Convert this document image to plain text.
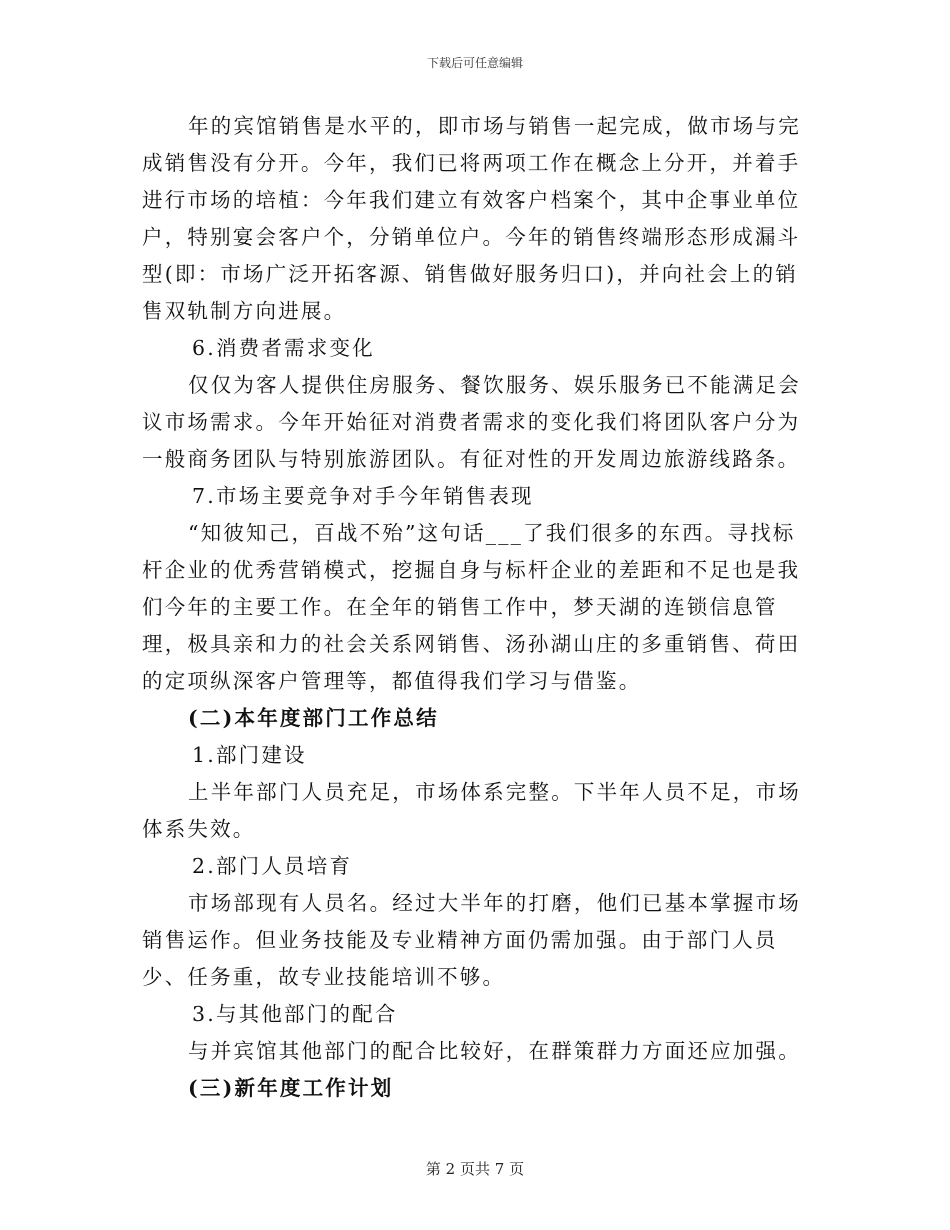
下载后可任意编辑

年的宾馆销售是水平的，即市场与销售一起完成，做市场与完成销售没有分开。今年，我们已将两项工作在概念上分开，并着手进行市场的培植：今年我们建立有效客户档案个，其中企事业单位户，特别宴会客户个，分销单位户。今年的销售终端形态形成漏斗型(即：市场广泛开拓客源、销售做好服务归口)，并向社会上的销售双轨制方向进展。

6.消费者需求变化

仅仅为客人提供住房服务、餐饮服务、娱乐服务已不能满足会议市场需求。今年开始征对消费者需求的变化我们将团队客户分为一般商务团队与特别旅游团队。有征对性的开发周边旅游线路条。

7.市场主要竞争对手今年销售表现

“知彼知己，百战不殆”这句话___了我们很多的东西。寻找标杆企业的优秀营销模式，挖掘自身与标杆企业的差距和不足也是我们今年的主要工作。在全年的销售工作中，梦天湖的连锁信息管理，极具亲和力的社会关系网销售、汤孙湖山庄的多重销售、荷田的定项纵深客户管理等，都值得我们学习与借鉴。

(二)本年度部门工作总结

1.部门建设

上半年部门人员充足，市场体系完整。下半年人员不足，市场体系失效。

2.部门人员培育

市场部现有人员名。经过大半年的打磨，他们已基本掌握市场销售运作。但业务技能及专业精神方面仍需加强。由于部门人员少、任务重，故专业技能培训不够。

3.与其他部门的配合

与并宾馆其他部门的配合比较好，在群策群力方面还应加强。

(三)新年度工作计划

第 2 页共 7 页
